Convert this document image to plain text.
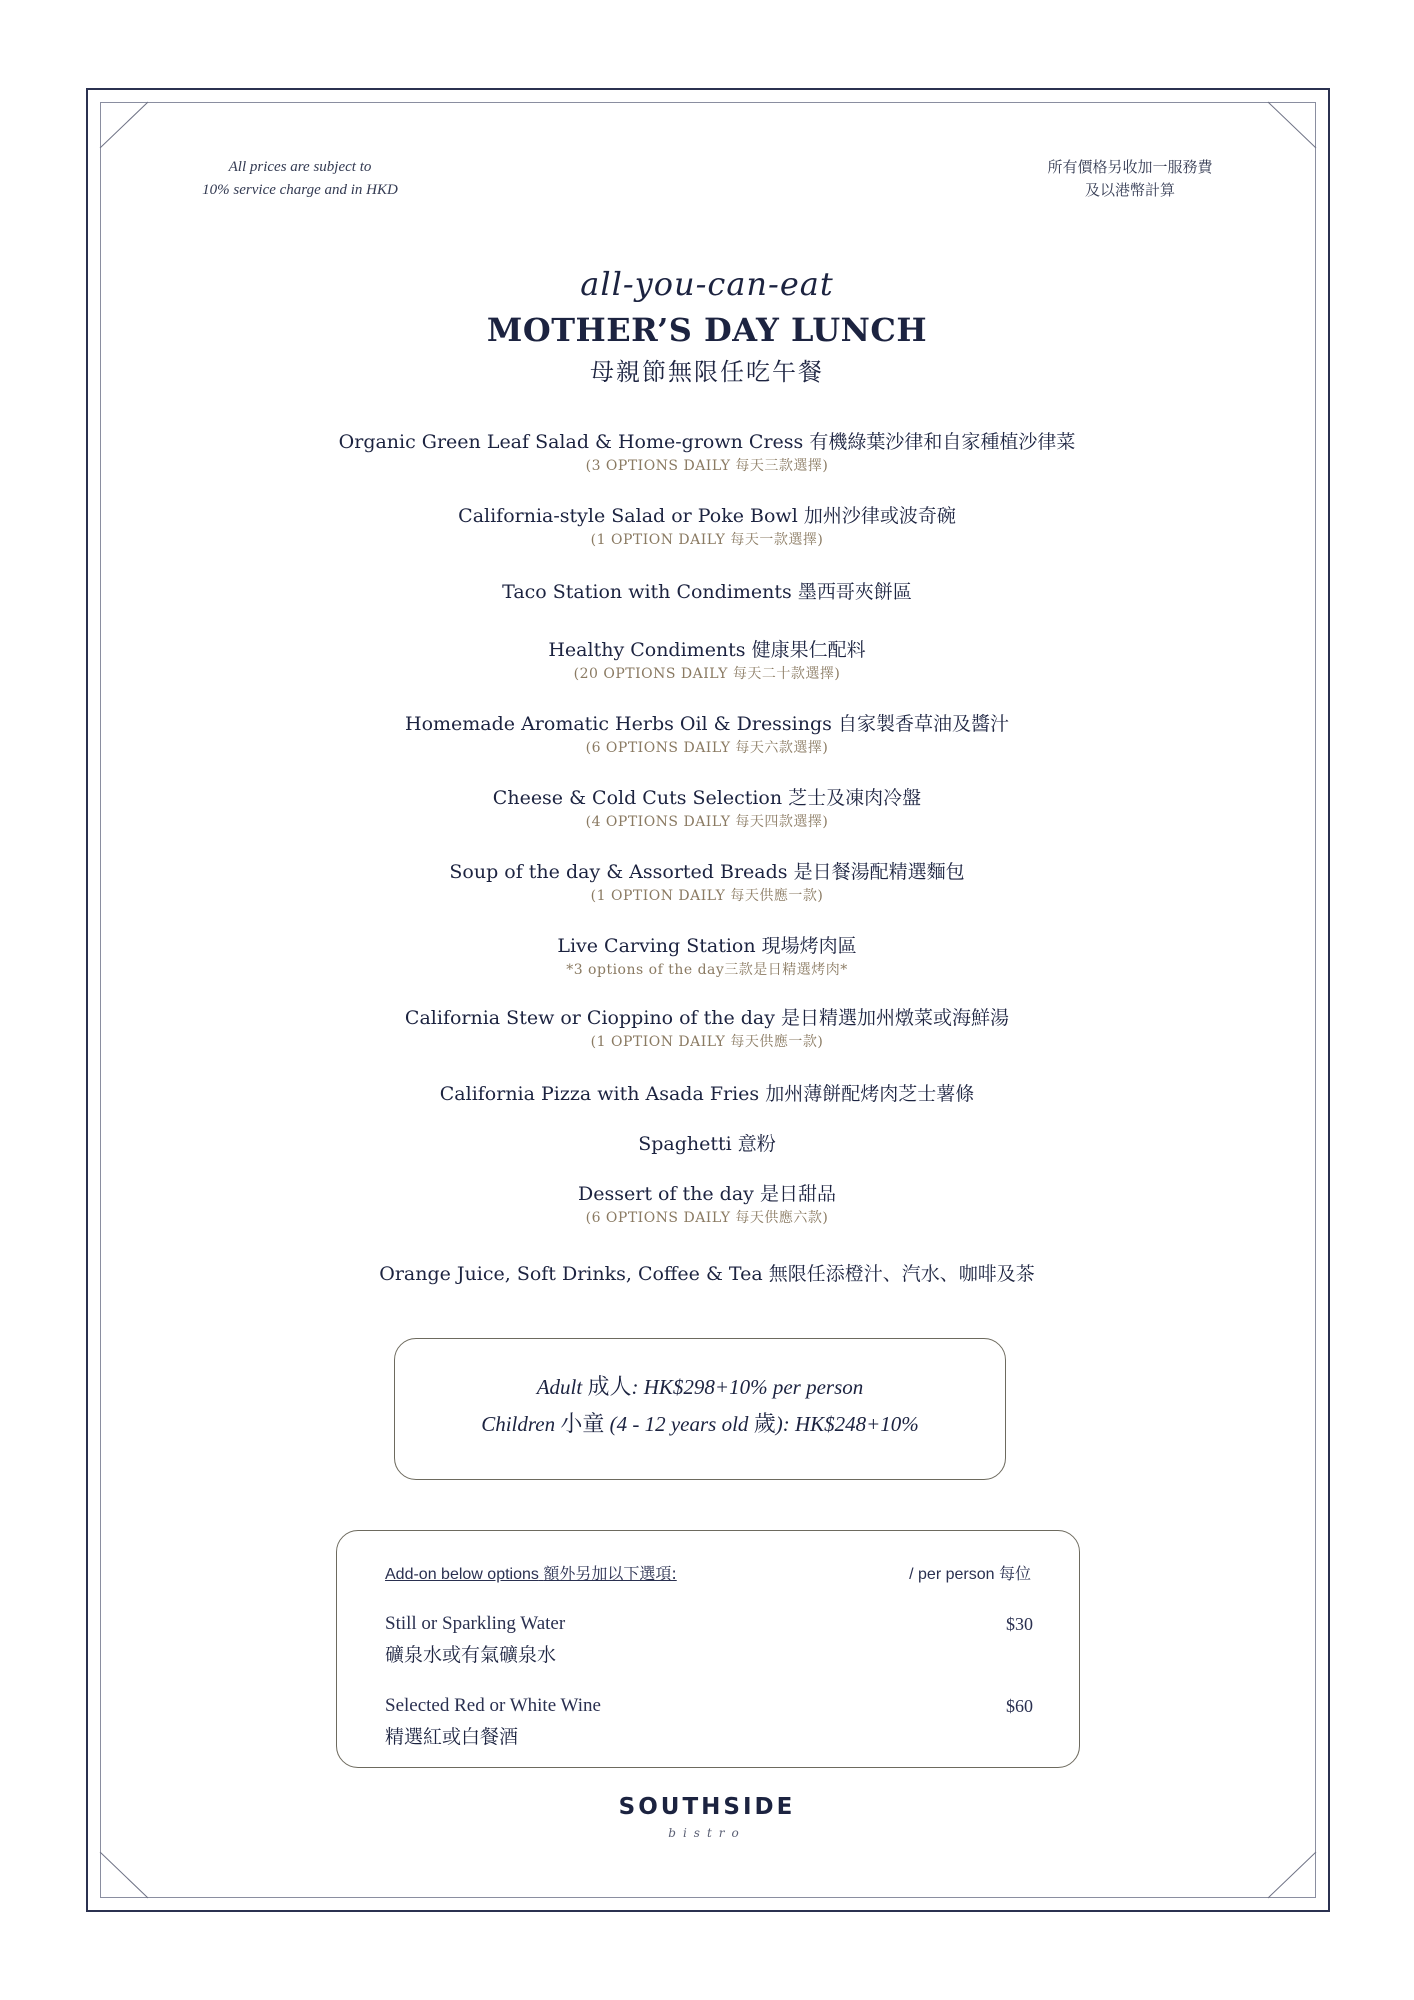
All prices are subject to
10% service charge and in HKD
所有價格另收加一服務費
及以港幣計算
all-you-can-eat
MOTHER’S DAY LUNCH
母親節無限任吃午餐
Organic Green Leaf Salad & Home-grown Cress 有機綠葉沙律和自家種植沙律菜
(3 OPTIONS DAILY 每天三款選擇)
California-style Salad or Poke Bowl 加州沙律或波奇碗
(1 OPTION DAILY 每天一款選擇)
Taco Station with Condiments 墨西哥夾餅區
Healthy Condiments 健康果仁配料
(20 OPTIONS DAILY 每天二十款選擇)
Homemade Aromatic Herbs Oil & Dressings 自家製香草油及醬汁
(6 OPTIONS DAILY 每天六款選擇)
Cheese & Cold Cuts Selection 芝士及凍肉冷盤
(4 OPTIONS DAILY 每天四款選擇)
Soup of the day & Assorted Breads 是日餐湯配精選麵包
(1 OPTION DAILY 每天供應一款)
Live Carving Station 現場烤肉區
*3 options of the day三款是日精選烤肉*
California Stew or Cioppino of the day 是日精選加州燉菜或海鮮湯
(1 OPTION DAILY 每天供應一款)
California Pizza with Asada Fries 加州薄餅配烤肉芝士薯條
Spaghetti 意粉
Dessert of the day 是日甜品
(6 OPTIONS DAILY 每天供應六款)
Orange Juice, Soft Drinks, Coffee & Tea 無限任添橙汁、汽水、咖啡及茶
Adult 成人: HK$298+10% per person
Children 小童 (4 - 12 years old 歲): HK$248+10%
Add-on below options 額外另加以下選項:	/ per person 每位
Still or Sparkling Water
礦泉水或有氣礦泉水
$30
Selected Red or White Wine
精選紅或白餐酒
$60
SOUTHSIDE
bistro
